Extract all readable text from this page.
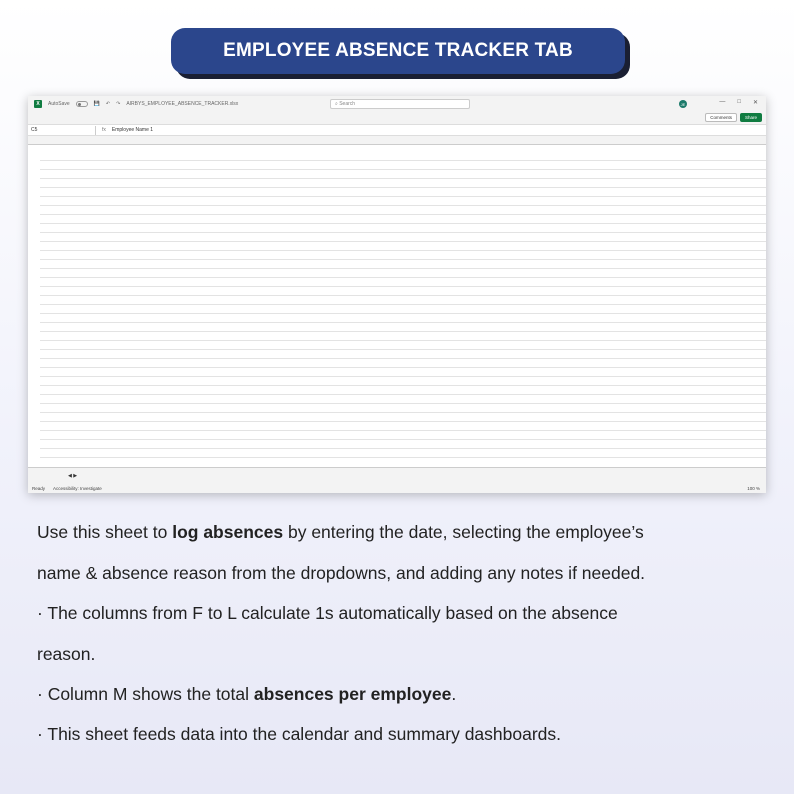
EMPLOYEE ABSENCE TRACKER TAB
X	AutoSave	💾 ↶ ↷ AIRBYS_EMPLOYEE_ABSENCE_TRACKER.xlsx	⌕ Search	JE	— □ ✕
Comments	Share
C5	fx	Employee Name 1
◀ ▶
Ready Accessibility: Investigate	100 %
Use this sheet to log absences by entering the date, selecting the employee’s
name & absence reason from the dropdowns, and adding any notes if needed.
· The columns from F to L calculate 1s automatically based on the absence
reason.
· Column M shows the total absences per employee.
· This sheet feeds data into the calendar and summary dashboards.
